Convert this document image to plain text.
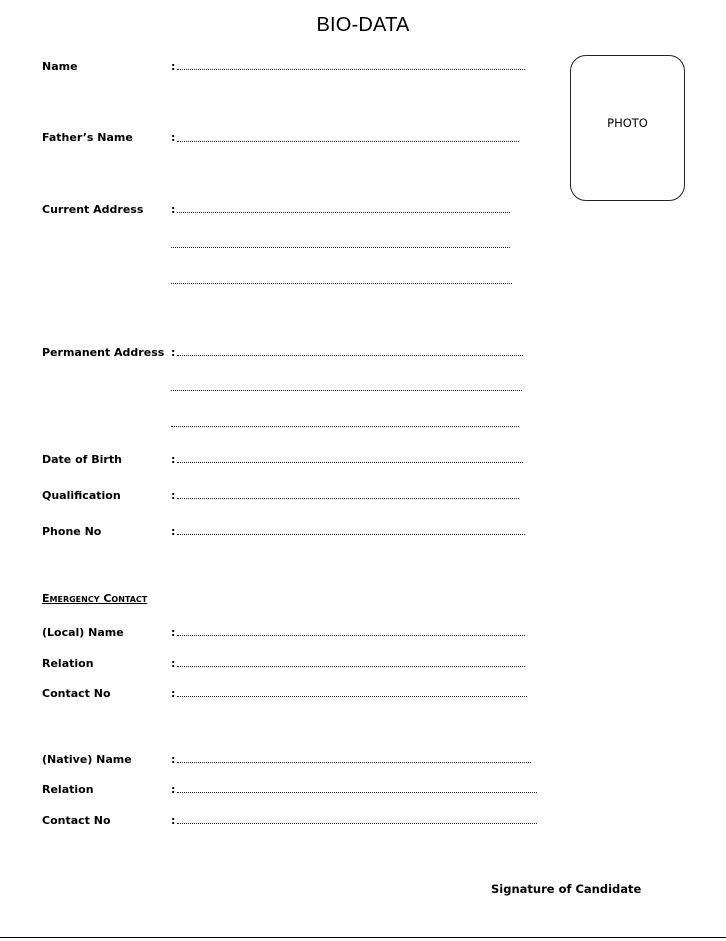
BIO-DATA
PHOTO
Name	:
Father’s Name	:
Current Address	:
Permanent Address :
Date of Birth	:
Qualification	:
Phone No	:
Emergency Contact
(Local) Name	:
Relation	:
Contact No	:
(Native) Name	:
Relation	:
Contact No	:
Signature of Candidate
